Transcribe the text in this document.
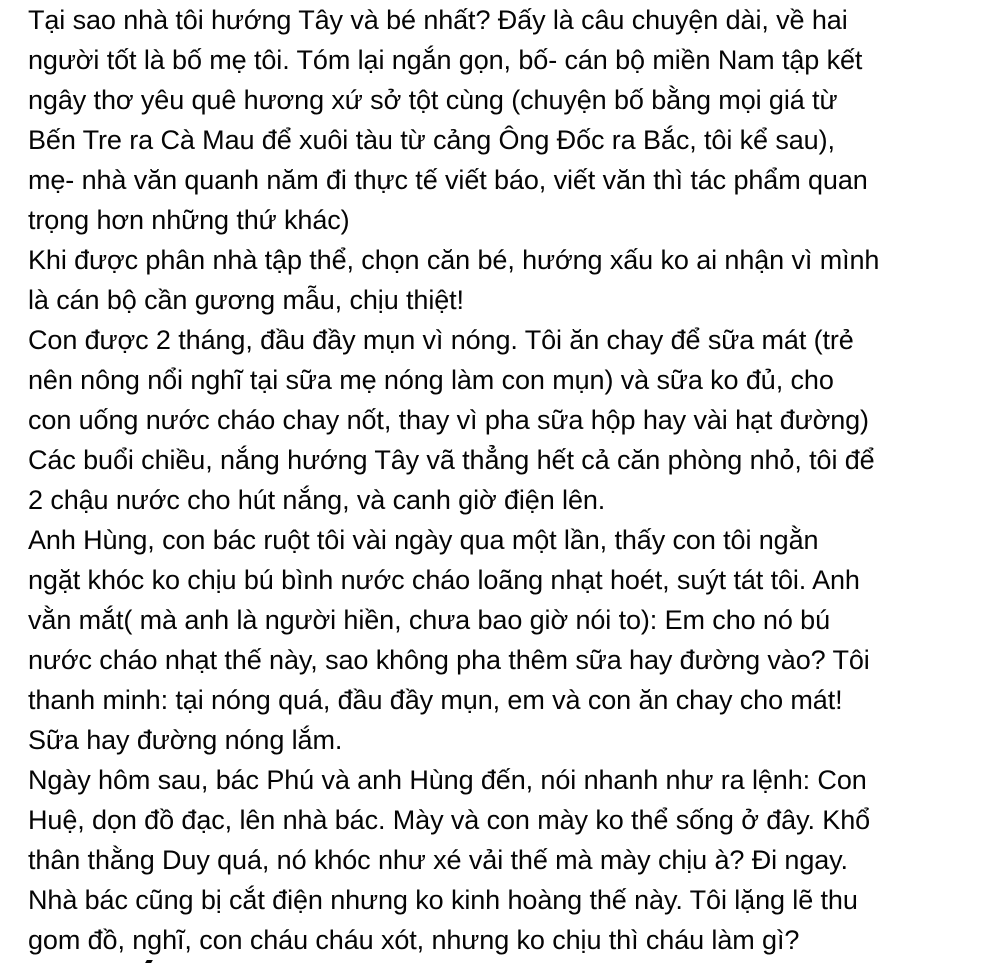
Tại sao nhà tôi hướng Tây và bé nhất? Đấy là câu chuyện dài, về hai
người tốt là bố mẹ tôi. Tóm lại ngắn gọn, bố- cán bộ miền Nam tập kết
ngây thơ yêu quê hương xứ sở tột cùng (chuyện bố bằng mọi giá từ
Bến Tre ra Cà Mau để xuôi tàu từ cảng Ông Đốc ra Bắc, tôi kể sau),
mẹ- nhà văn quanh năm đi thực tế viết báo, viết văn thì tác phẩm quan
trọng hơn những thứ khác)
Khi được phân nhà tập thể, chọn căn bé, hướng xấu ko ai nhận vì mình
là cán bộ cần gương mẫu, chịu thiệt!
Con được 2 tháng, đầu đầy mụn vì nóng. Tôi ăn chay để sữa mát (trẻ
nên nông nổi nghĩ tại sữa mẹ nóng làm con mụn) và sữa ko đủ, cho
con uống nước cháo chay nốt, thay vì pha sữa hộp hay vài hạt đường)
Các buổi chiều, nắng hướng Tây vã thẳng hết cả căn phòng nhỏ, tôi để
2 chậu nước cho hút nắng, và canh giờ điện lên.
Anh Hùng, con bác ruột tôi vài ngày qua một lần, thấy con tôi ngằn
ngặt khóc ko chịu bú bình nước cháo loãng nhạt hoét, suýt tát tôi. Anh
vằn mắt( mà anh là người hiền, chưa bao giờ nói to): Em cho nó bú
nước cháo nhạt thế này, sao không pha thêm sữa hay đường vào? Tôi
thanh minh: tại nóng quá, đầu đầy mụn, em và con ăn chay cho mát!
Sữa hay đường nóng lắm.
Ngày hôm sau, bác Phú và anh Hùng đến, nói nhanh như ra lệnh: Con
Huệ, dọn đồ đạc, lên nhà bác. Mày và con mày ko thể sống ở đây. Khổ
thân thằng Duy quá, nó khóc như xé vải thế mà mày chịu à? Đi ngay.
Nhà bác cũng bị cắt điện nhưng ko kinh hoàng thế này. Tôi lặng lẽ thu
gom đồ, nghĩ, con cháu cháu xót, nhưng ko chịu thì cháu làm gì?
